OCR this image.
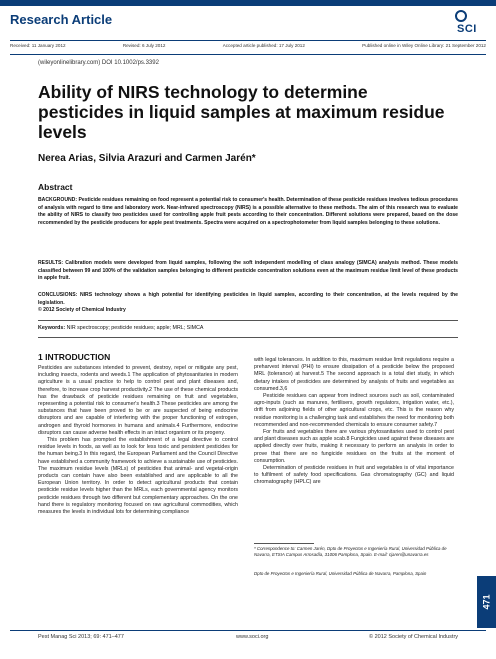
Research Article
SCI
Received: 11 January 2012	Revised: 6 July 2012	Accepted article published: 17 July 2012	Published online in Wiley Online Library: 21 September 2012
(wileyonlinelibrary.com) DOI 10.1002/ps.3392
Ability of NIRS technology to determine pesticides in liquid samples at maximum residue levels
Nerea Arias, Silvia Arazuri and Carmen Jarén*
Abstract
BACKGROUND: Pesticide residues remaining on food represent a potential risk to consumer's health. Determination of these pesticide residues involves tedious procedures of analysis with regard to time and laboratory work. Near-infrared spectroscopy (NIRS) is a possible alternative to these methods. The aim of this research was to evaluate the ability of NIRS to classify two pesticides used for controlling apple fruit pests according to their concentration. Different solutions were prepared, based on the dose recommended by the pesticide producers for apple pest treatments. Spectra were acquired on a spectrophotometer from liquid samples belonging to these solutions.
RESULTS: Calibration models were developed from liquid samples, following the soft independent modelling of class analogy (SIMCA) analysis method. These models classified between 99 and 100% of the validation samples belonging to different pesticide concentration solutions even at the maximum residue limit level of these products in apple fruit.
CONCLUSIONS: NIRS technology shows a high potential for identifying pesticides in liquid samples, according to their concentration, at the levels required by the legislation.
© 2012 Society of Chemical Industry
Keywords: NIR spectroscopy; pesticide residues; apple; MRL; SIMCA
1 INTRODUCTION

Pesticides are substances intended to prevent, destroy, repel or mitigate any pest, including insects, rodents and weeds.1 The application of phytosanitaries in modern agriculture is a usual practice to help to control pest and plant diseases and, therefore, to increase crop harvest productivity.2 The use of these chemical products has the drawback of pesticide residues remaining on fruit and vegetables, representing a potential risk to consumer's health.3 These pesticides are among the substances that have been proved to be or are suspected of being endocrine disruptors and are capable of interfering with the proper functioning of estrogen, androgen and thyroid hormones in humans and animals.4 Furthermore, endocrine disruptors can cause adverse health effects in an intact organism or its progeny.

This problem has prompted the establishment of a legal directive to control residue levels in foods, as well as to look for less toxic and persistent pesticides for the human being.3 In this regard, the European Parliament and the Council Directive have established a community framework to achieve a sustainable use of pesticides. The maximum residue levels (MRLs) of pesticides that animal- and vegetal-origin products can contain have also been established and are applicable to all the European Union territory. In order to detect agricultural products that contain pesticide residue levels higher than the MRLs, each governmental agency monitors pesticide residues through two different but complementary approaches. On the one hand there is regulatory monitoring focused on raw agricultural commodities, which measures the levels in individual lots for determining compliance

with legal tolerances. In addition to this, maximum residue limit regulations require a preharvest interval (PHI) to ensure dissipation of a pesticide below the proposed MRL (tolerance) at harvest.5 The second approach is a total diet study, in which dietary intakes of pesticides are determined by analysis of fruits and vegetables as consumed.3,6

Pesticide residues can appear from indirect sources such as soil, contaminated agro-inputs (such as manures, fertilisers, growth regulators, irrigation water, etc.), drift from adjoining fields of other agricultural crops, etc. This is the reason why residue monitoring is a challenging task and establishes the need for monitoring both recommended and non-recommended chemicals to ensure consumer safety.7

For fruits and vegetables there are various phytosanitaries used to control pest and plant diseases such as apple scab.8 Fungicides used against these diseases are applied directly over fruits, making it necessary to perform an analysis in order to prove that there are no fungicide residues on the fruits at the moment of consumption.

Determination of pesticide residues in fruit and vegetables is of vital importance to fulfilment of safety food specifications. Gas chromatography (GC) and liquid chromatography (HPLC) are

* Correspondence to: Carmen Jarén, Dpto de Proyectos e Ingeniería Rural, Universidad Pública de Navarra, ETSIA Campus Arrosadía, 31006 Pamplona, Spain. E-mail: cjaren@unavarra.es
Dpto de Proyectos e Ingeniería Rural, Universidad Pública de Navarra, Pamplona, Spain
471
Pest Manag Sci 2013; 69: 471–477	www.soci.org	© 2012 Society of Chemical Industry
